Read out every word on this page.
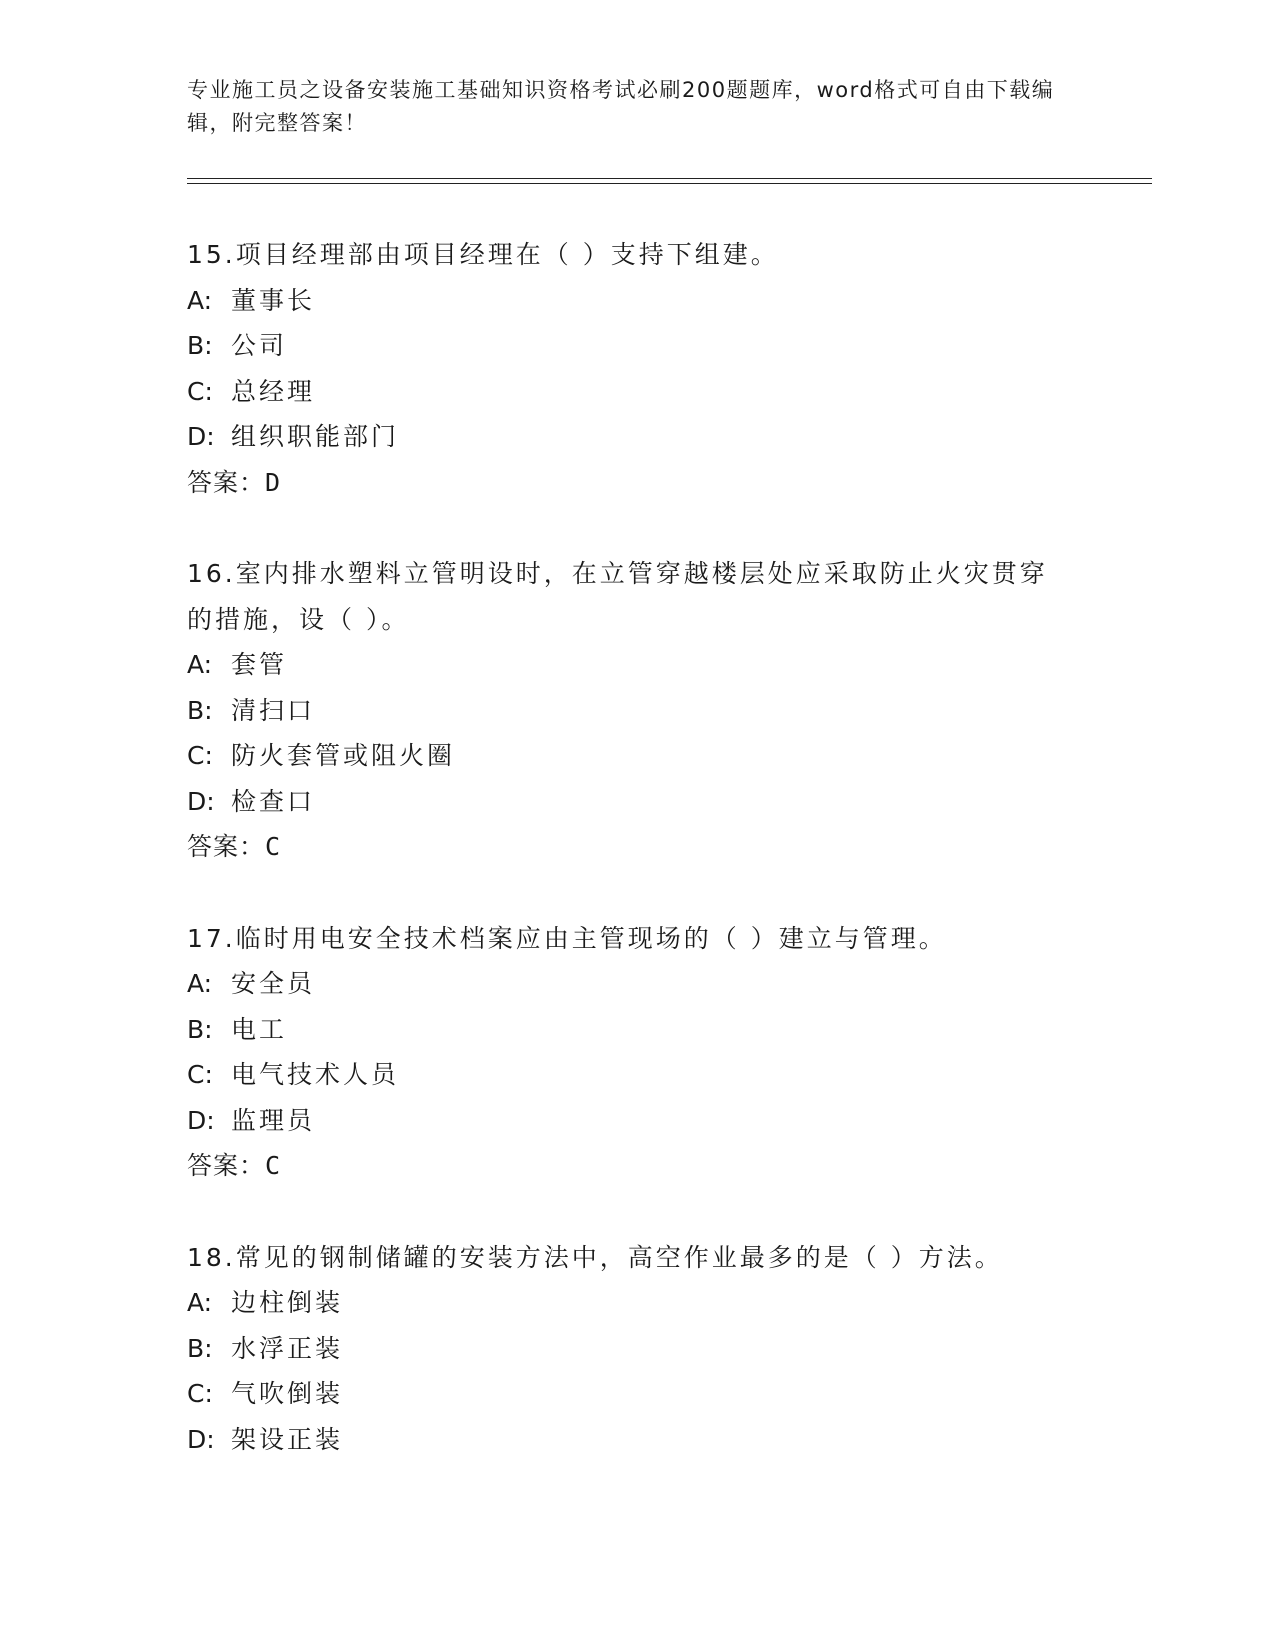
专业施工员之设备安装施工基础知识资格考试必刷200题题库，word格式可自由下载编辑，附完整答案！
15.项目经理部由项目经理在（ ）支持下组建。
A: 董事长
B: 公司
C: 总经理
D: 组织职能部门
答案：D
16.室内排水塑料立管明设时，在立管穿越楼层处应采取防止火灾贯穿
的措施，设（ ）。
A: 套管
B: 清扫口
C: 防火套管或阻火圈
D: 检查口
答案：C
17.临时用电安全技术档案应由主管现场的（ ）建立与管理。
A: 安全员
B: 电工
C: 电气技术人员
D: 监理员
答案：C
18.常见的钢制储罐的安装方法中，高空作业最多的是（ ）方法。
A: 边柱倒装
B: 水浮正装
C: 气吹倒装
D: 架设正装
